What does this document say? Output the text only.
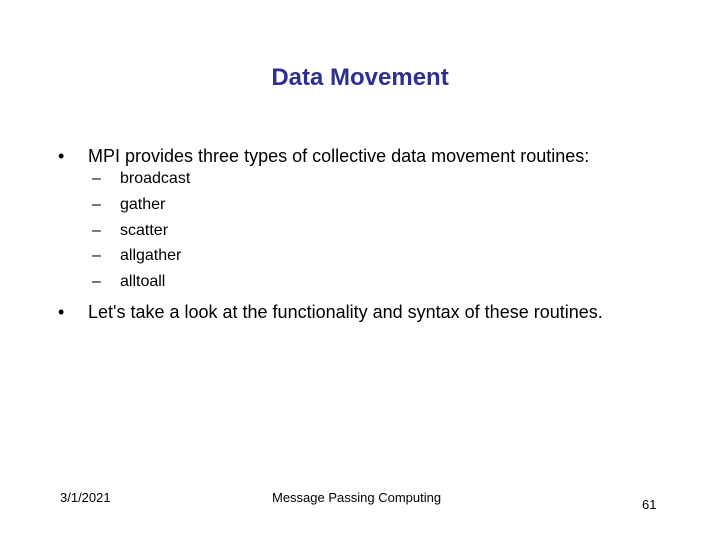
Data Movement
•	MPI provides three types of collective data movement routines:
–	broadcast
–	gather
–	scatter
–	allgather
–	alltoall
•	Let's take a look at the functionality and syntax of these routines.
3/1/2021	Message Passing Computing	61
